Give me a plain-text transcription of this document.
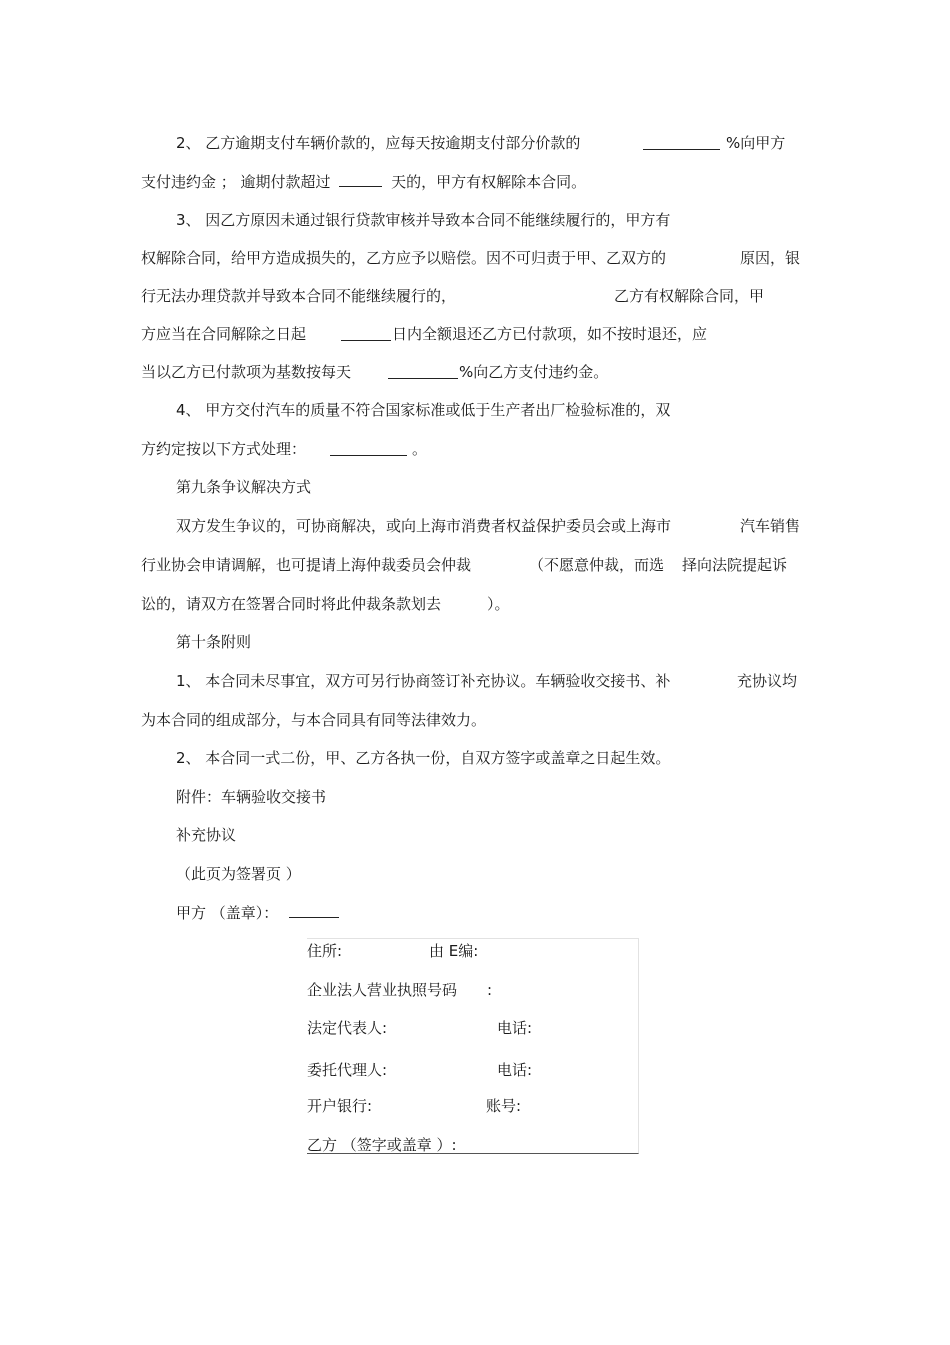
2、 乙方逾期支付车辆价款的，应每天按逾期支付部分价款的	%向甲方
支付违约金 ； 逾期付款超过	天的，甲方有权解除本合同。
3、 因乙方原因未通过银行贷款审核并导致本合同不能继续履行的，甲方有
权解除合同，给甲方造成损失的，乙方应予以赔偿。因不可归责于甲、乙双方的	原因，银
行无法办理贷款并导致本合同不能继续履行的，	乙方有权解除合同，甲
方应当在合同解除之日起	日内全额退还乙方已付款项，如不按时退还，应
当以乙方已付款项为基数按每天	%向乙方支付违约金。
4、 甲方交付汽车的质量不符合国家标准或低于生产者出厂检验标准的，双
方约定按以下方式处理：	。
第九条争议解决方式
双方发生争议的，可协商解决，或向上海市消费者权益保护委员会或上海市	汽车销售
行业协会申请调解，也可提请上海仲裁委员会仲裁	（不愿意仲裁，而选 择向法院提起诉
讼的，请双方在签署合同时将此仲裁条款划去	）。
第十条附则
1、 本合同未尽事宜，双方可另行协商签订补充协议。车辆验收交接书、补	充协议均
为本合同的组成部分，与本合同具有同等法律效力。
2、 本合同一式二份，甲、乙方各执一份，自双方签字或盖章之日起生效。
附件：车辆验收交接书
补充协议
（此页为签署页 ）
甲方 （盖章）：
住所:	由 E编:
企业法人营业执照号码 :
法定代表人:	电话:
委托代理人:	电话:
开户银行:	账号:
乙方 （签字或盖章 ）:
